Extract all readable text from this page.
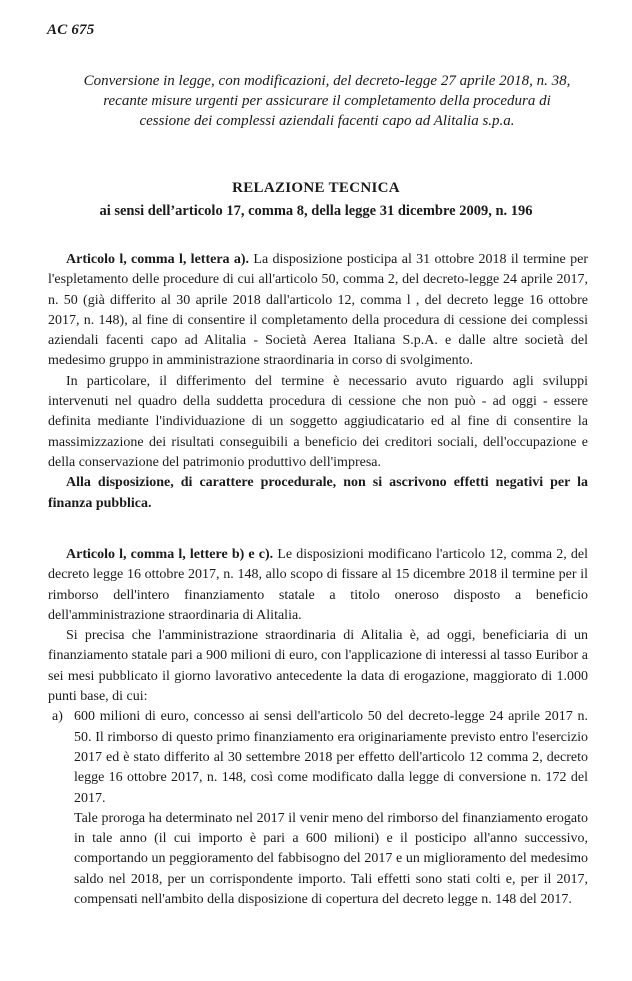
AC 675
Conversione in legge, con modificazioni, del decreto-legge 27 aprile 2018, n. 38,
recante misure urgenti per assicurare il completamento della procedura di
cessione dei complessi aziendali facenti capo ad Alitalia s.p.a.
RELAZIONE TECNICA
ai sensi dell’articolo 17, comma 8, della legge 31 dicembre 2009, n. 196

Articolo l, comma l, lettera a). La disposizione posticipa al 31 ottobre 2018 il termine per l'espletamento delle procedure di cui all'articolo 50, comma 2, del decreto-legge 24 aprile 2017, n. 50 (già differito al 30 aprile 2018 dall'articolo 12, comma l , del decreto legge 16 ottobre 2017, n. 148), al fine di consentire il completamento della procedura di cessione dei complessi aziendali facenti capo ad Alitalia - Società Aerea Italiana S.p.A. e dalle altre società del medesimo gruppo in amministrazione straordinaria in corso di svolgimento.

In particolare, il differimento del termine è necessario avuto riguardo agli sviluppi intervenuti nel quadro della suddetta procedura di cessione che non può - ad oggi - essere definita mediante l'individuazione di un soggetto aggiudicatario ed al fine di consentire la massimizzazione dei risultati conseguibili a beneficio dei creditori sociali, dell'occupazione e della conservazione del patrimonio produttivo dell'impresa.

Alla disposizione, di carattere procedurale, non si ascrivono effetti negativi per la finanza pubblica.

Articolo l, comma l, lettere b) e c). Le disposizioni modificano l'articolo 12, comma 2, del decreto legge 16 ottobre 2017, n. 148, allo scopo di fissare al 15 dicembre 2018 il termine per il rimborso dell'intero finanziamento statale a titolo oneroso disposto a beneficio dell'amministrazione straordinaria di Alitalia.

Si precisa che l'amministrazione straordinaria di Alitalia è, ad oggi, beneficiaria di un finanziamento statale pari a 900 milioni di euro, con l'applicazione di interessi al tasso Euribor a sei mesi pubblicato il giorno lavorativo antecedente la data di erogazione, maggiorato di 1.000 punti base, di cui:

a) 600 milioni di euro, concesso ai sensi dell'articolo 50 del decreto-legge 24 aprile 2017 n. 50. Il rimborso di questo primo finanziamento era originariamente previsto entro l'esercizio 2017 ed è stato differito al 30 settembre 2018 per effetto dell'articolo 12 comma 2, decreto legge 16 ottobre 2017, n. 148, così come modificato dalla legge di conversione n. 172 del 2017.

Tale proroga ha determinato nel 2017 il venir meno del rimborso del finanziamento erogato in tale anno (il cui importo è pari a 600 milioni) e il posticipo all'anno successivo, comportando un peggioramento del fabbisogno del 2017 e un miglioramento del medesimo saldo nel 2018, per un corrispondente importo. Tali effetti sono stati colti e, per il 2017, compensati nell'ambito della disposizione di copertura del decreto legge n. 148 del 2017.
